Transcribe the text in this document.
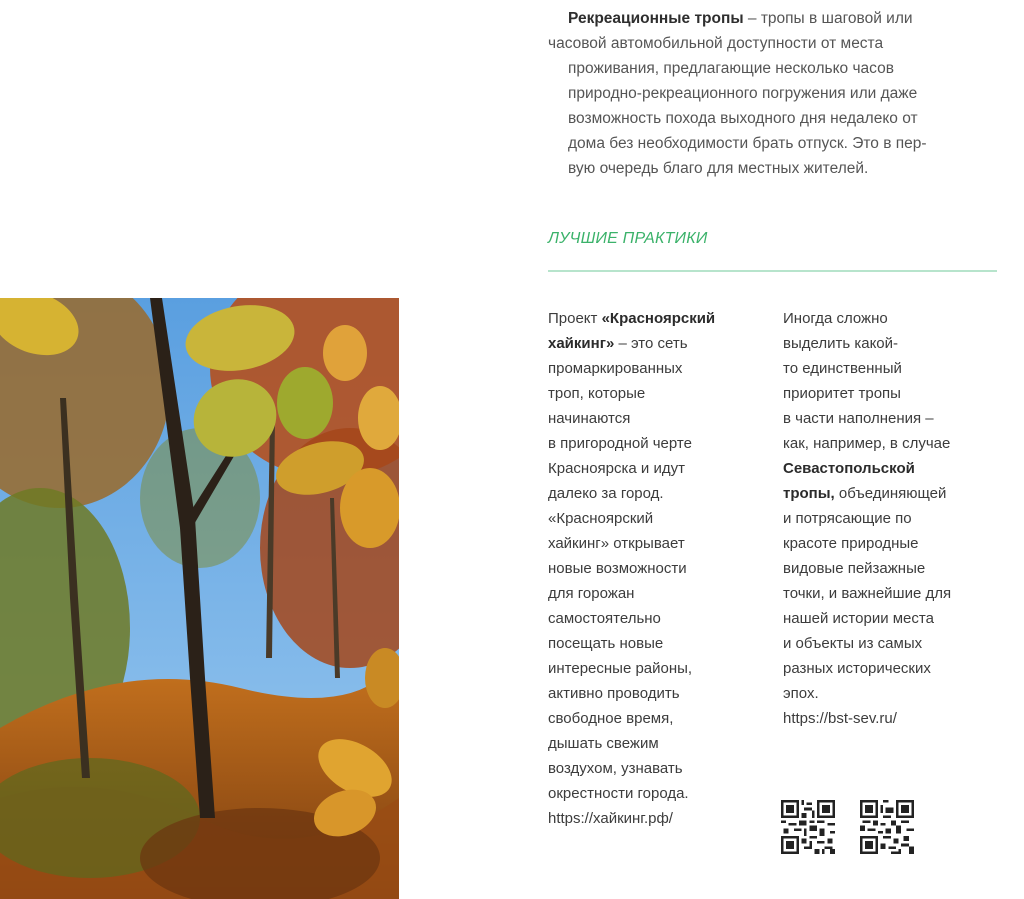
Рекреационные тропы – тропы в шаговой или
часовой автомобильной доступности от места
проживания, предлагающие несколько часов
природно-рекреационного погружения или даже
возможность похода выходного дня недалеко от
дома без необходимости брать отпуск. Это в пер-
вую очередь благо для местных жителей.
ЛУЧШИЕ ПРАКТИКИ
Проект «Красноярский
хайкинг» – это сеть
промаркированных
троп, которые
начинаются
в пригородной черте
Красноярска и идут
далеко за город.
«Красноярский
хайкинг» открывает
новые возможности
для горожан
самостоятельно
посещать новые
интересные районы,
активно проводить
свободное время,
дышать свежим
воздухом, узнавать
окрестности города.
https://хайкинг.рф/
Иногда сложно
выделить какой-
то единственный
приоритет тропы
в части наполнения –
как, например, в случае
Севастопольской
тропы, объединяющей
и потрясающие по
красоте природные
видовые пейзажные
точки, и важнейшие для
нашей истории места
и объекты из самых
разных исторических
эпох.
https://bst-sev.ru/
